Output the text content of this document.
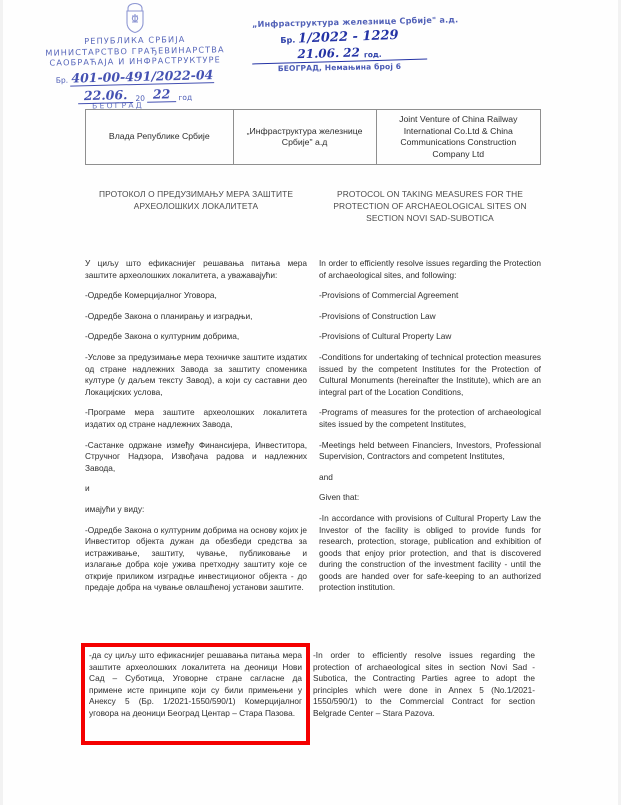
РЕПУБЛИКА СРБИЈА
МИНИСТАРСТВО ГРАЂЕВИНАРСТВА
САОБРАЋАЈА И ИНФРАСТРУКТУРЕ
Бр. 401-00-491/2022-04
22.06.	20 22	год
БЕОГРАД
„Инфраструктура железнице Србије" а.д.
Бр. 1/2022 - 1229
21.06. 22 год.
БЕОГРАД, Немањина број 6
Влада Републике Србије	„Инфраструктура железнице Србије" а.д	Joint Venture of China Railway International Co.Ltd & China Communications Construction Company Ltd
ПРОТОКОЛ О ПРЕДУЗИМАЊУ МЕРА ЗАШТИТЕ АРХЕОЛОШКИХ ЛОКАЛИТЕТА
PROTOCOL ON TAKING MEASURES FOR THE PROTECTION OF ARCHAEOLOGICAL SITES ON SECTION NOVI SAD-SUBOTICA

У циљу што ефикаснијег решавања питања мера заштите археолошких локалитета, а уважавајући:

-Одредбе Комерцијалног Уговора,

-Одредбе Закона о планирању и изградњи,

-Одредбе Закона о културним добрима,

-Услове за предузимање мера техничке заштите издатих од стране надлежних Завода за заштиту споменика културе (у даљем тексту Завод), а који су саставни део Локацијских услова,

-Програме мера заштите археолошких локалитета издатих од стране надлежних Завода,

-Састанке одржане између Финансијера, Инвеститора, Стручног Надзора, Извођача радова и надлежних Завода,

и

имајући у виду:

-Одредбе Закона о културним добрима на основу којих је Инвеститор објекта дужан да обезбеди средства за истраживање, заштиту, чување, публиковање и излагање добра које ужива претходну заштиту које се открије приликом изградње инвестиционог објекта - до предаје добра на чување овлашћеној установи заштите.

In order to efficiently resolve issues regarding the Protection of archaeological sites, and following:

-Provisions of Commercial Agreement

-Provisions of Construction Law

-Provisions of Cultural Property Law

-Conditions for undertaking of technical protection measures issued by the competent Institutes for the Protection of Cultural Monuments (hereinafter the Institute), which are an integral part of the Location Conditions,

-Programs of measures for the protection of archaeological sites issued by the competent Institutes,

-Meetings held between Financiers, Investors, Professional Supervision, Contractors and competent Institutes,

and

Given that:

-In accordance with provisions of Cultural Property Law the Investor of the facility is obliged to provide funds for research, protection, storage, publication and exhibition of goods that enjoy prior protection, and that is discovered during the construction of the investment facility - until the goods are handed over for safe-keeping to an authorized protection institution.

-да су циљу што ефикаснијег решавања питања мера заштите археолошких локалитета на деоници Нови Сад – Суботица, Уговорне стране сагласне да примене исте принципе који су били примењени у Анексу 5 (Бр. 1/2021-1550/590/1) Комерцијалног уговора на деоници Београд Центар – Стара Пазова.

-In order to efficiently resolve issues regarding the protection of archaeological sites in section Novi Sad - Subotica, the Contracting Parties agree to adopt the principles which were done in Annex 5 (No.1/2021-1550/590/1) to the Commercial Contract for section Belgrade Center – Stara Pazova.
